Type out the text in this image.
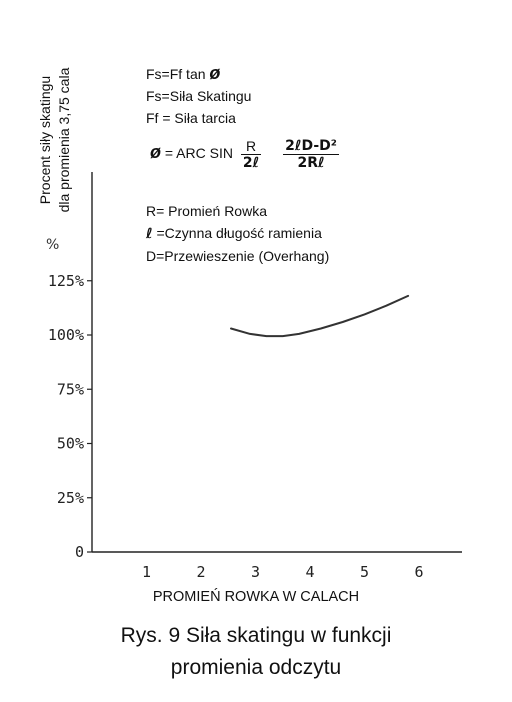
0
25%
50%
75%
100%
125%
1	2	3	4	5	6
%
Procent siły skatingu dla promienia 3,75 cala	Fs=Ff tan ø
Fs=Siła Skatingu
Ff = Siła tarcia
ø = ARC SIN $\frac{R}{\text{2ℓ}}$
$\frac{\text{2ℓD-D²}}{\text{2Rℓ}}$
R= Promień Rowka
ℓ =Czynna długość ramienia
D=Przewieszenie (Overhang)
PROMIEŃ ROWKA W CALACH
Rys. 9 Siła skatingu w funkcji
promienia odczytu
